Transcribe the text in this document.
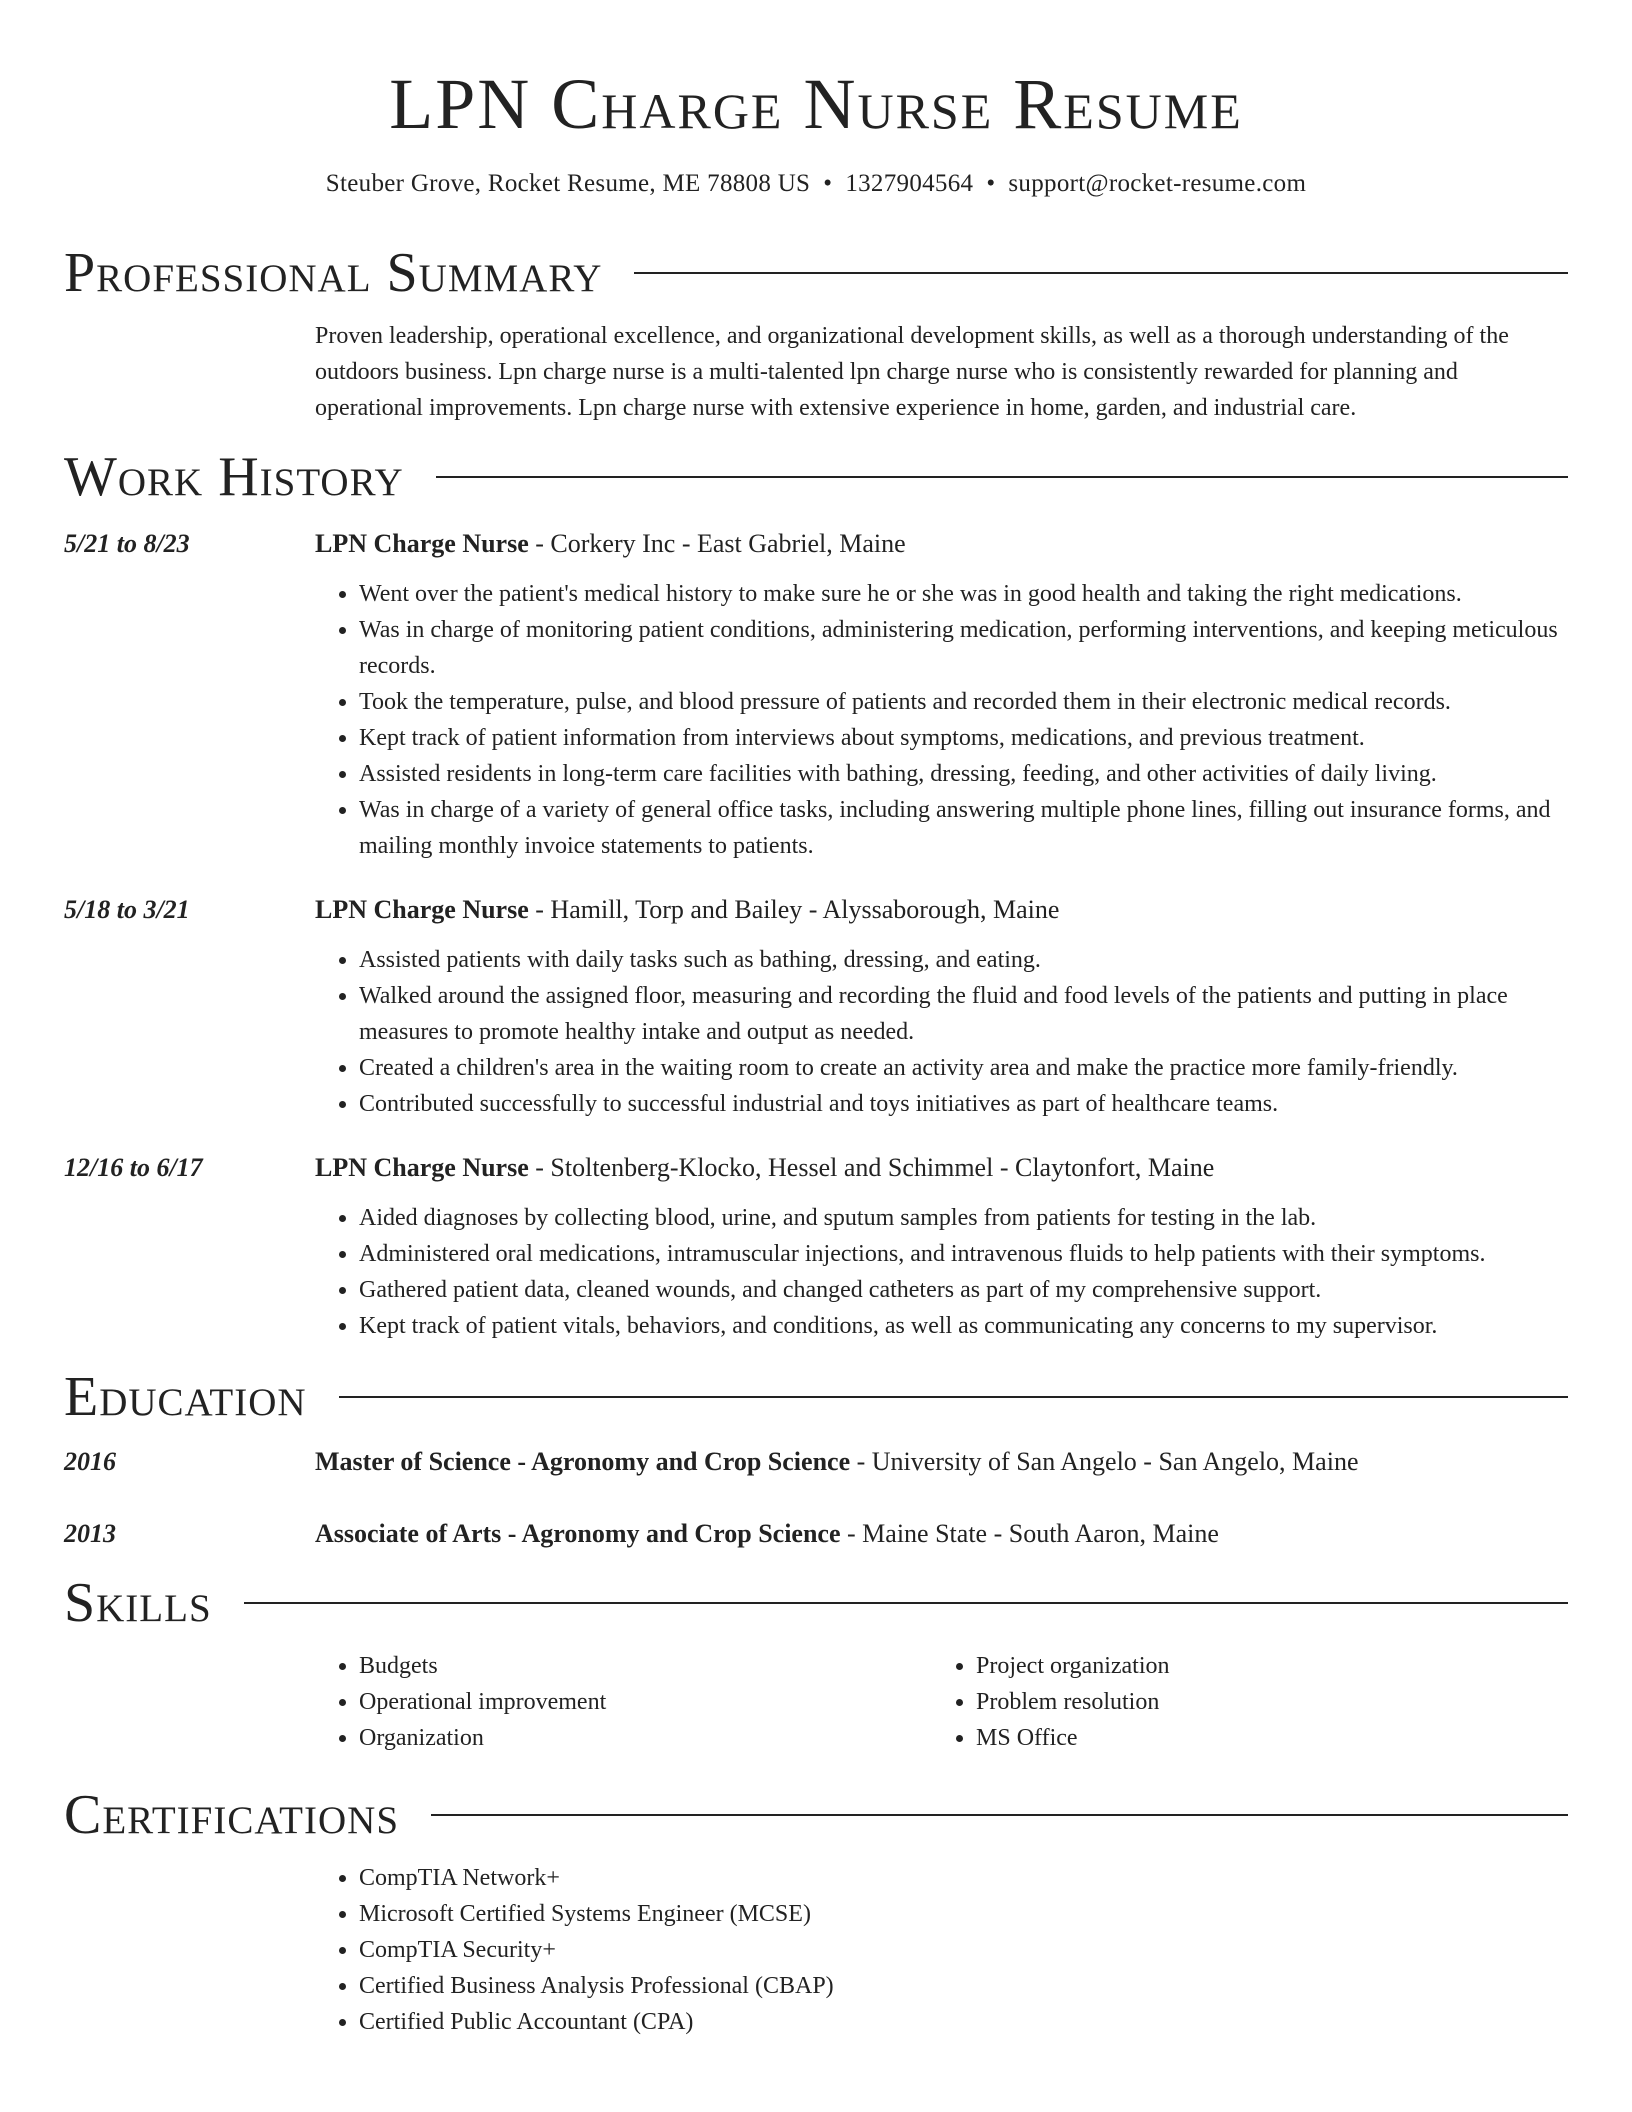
LPN Charge Nurse Resume
Steuber Grove, Rocket Resume, ME 78808 US • 1327904564 • support@rocket-resume.com
Professional Summary
Proven leadership, operational excellence, and organizational development skills, as well as a thorough understanding of the outdoors business. Lpn charge nurse is a multi-talented lpn charge nurse who is consistently rewarded for planning and operational improvements. Lpn charge nurse with extensive experience in home, garden, and industrial care.
Work History
5/21 to 8/23	LPN Charge Nurse - Corkery Inc - East Gabriel, Maine
• Went over the patient's medical history to make sure he or she was in good health and taking the right medications.
• Was in charge of monitoring patient conditions, administering medication, performing interventions, and keeping meticulous records.
• Took the temperature, pulse, and blood pressure of patients and recorded them in their electronic medical records.
• Kept track of patient information from interviews about symptoms, medications, and previous treatment.
• Assisted residents in long-term care facilities with bathing, dressing, feeding, and other activities of daily living.
• Was in charge of a variety of general office tasks, including answering multiple phone lines, filling out insurance forms, and mailing monthly invoice statements to patients.
5/18 to 3/21	LPN Charge Nurse - Hamill, Torp and Bailey - Alyssaborough, Maine
• Assisted patients with daily tasks such as bathing, dressing, and eating.
• Walked around the assigned floor, measuring and recording the fluid and food levels of the patients and putting in place measures to promote healthy intake and output as needed.
• Created a children's area in the waiting room to create an activity area and make the practice more family-friendly.
• Contributed successfully to successful industrial and toys initiatives as part of healthcare teams.
12/16 to 6/17	LPN Charge Nurse - Stoltenberg-Klocko, Hessel and Schimmel - Claytonfort, Maine
• Aided diagnoses by collecting blood, urine, and sputum samples from patients for testing in the lab.
• Administered oral medications, intramuscular injections, and intravenous fluids to help patients with their symptoms.
• Gathered patient data, cleaned wounds, and changed catheters as part of my comprehensive support.
• Kept track of patient vitals, behaviors, and conditions, as well as communicating any concerns to my supervisor.
Education
2016	Master of Science - Agronomy and Crop Science - University of San Angelo - San Angelo, Maine
2013	Associate of Arts - Agronomy and Crop Science - Maine State - South Aaron, Maine
Skills
• Budgets
• Operational improvement
• Organization
• Project organization
• Problem resolution
• MS Office
Certifications
• CompTIA Network+
• Microsoft Certified Systems Engineer (MCSE)
• CompTIA Security+
• Certified Business Analysis Professional (CBAP)
• Certified Public Accountant (CPA)
